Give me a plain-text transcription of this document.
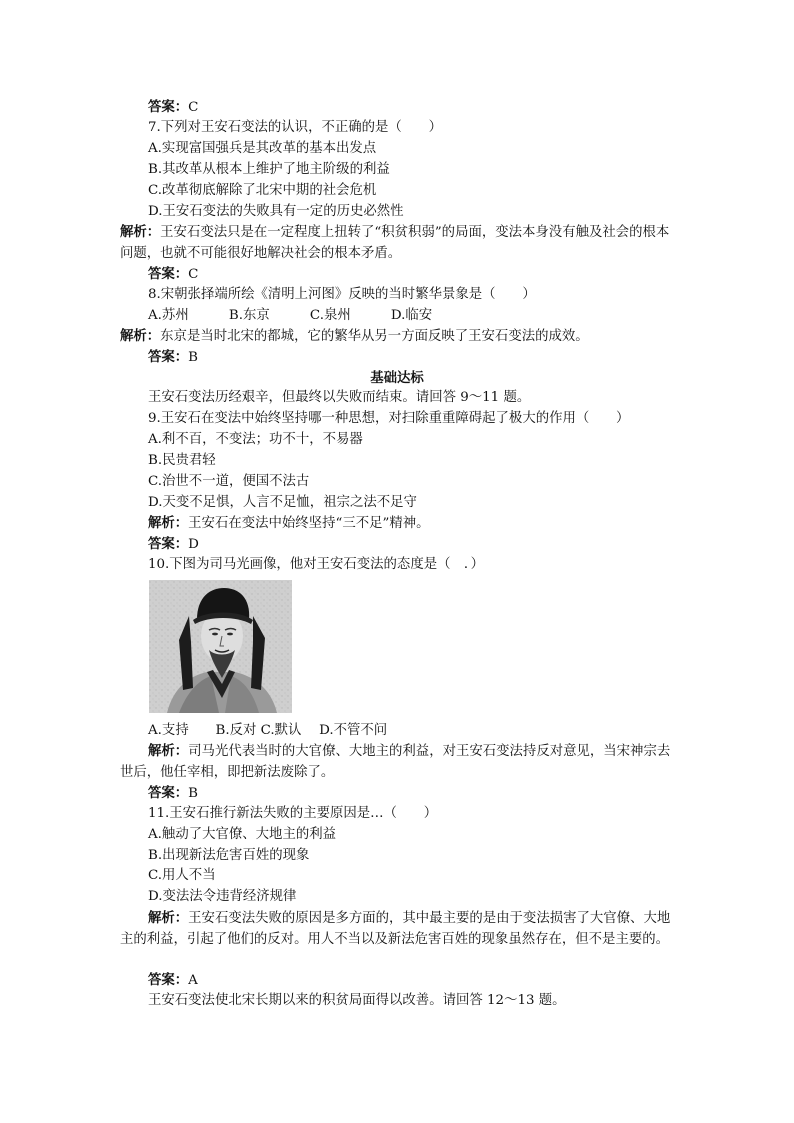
答案：C
7.下列对王安石变法的认识，不正确的是（　　）
A.实现富国强兵是其改革的基本出发点
B.其改革从根本上维护了地主阶级的利益
C.改革彻底解除了北宋中期的社会危机
D.王安石变法的失败具有一定的历史必然性
解析：王安石变法只是在一定程度上扭转了“积贫积弱”的局面，变法本身没有触及社会的根本问题，也就不可能很好地解决社会的根本矛盾。
答案：C
8.宋朝张择端所绘《清明上河图》反映的当时繁华景象是（　　）
A.苏州　　　B.东京　　　C.泉州　　　D.临安
解析：东京是当时北宋的都城，它的繁华从另一方面反映了王安石变法的成效。
答案：B
基础达标
王安石变法历经艰辛，但最终以失败而结束。请回答 9～11 题。
9.王安石在变法中始终坚持哪一种思想，对扫除重重障碍起了极大的作用（　　）
A.利不百，不变法；功不十，不易器
B.民贵君轻
C.治世不一道，便国不法古
D.天变不足惧，人言不足恤，祖宗之法不足守
解析：王安石在变法中始终坚持“三不足”精神。
答案：D
10.下图为司马光画像，他对王安石变法的态度是（　．）
A.支持　　B.反对 C.默认　 D.不管不问
解析：司马光代表当时的大官僚、大地主的利益，对王安石变法持反对意见，当宋神宗去世后，他任宰相，即把新法废除了。
答案：B
11.王安石推行新法失败的主要原因是…（　　）
A.触动了大官僚、大地主的利益
B.出现新法危害百姓的现象
C.用人不当
D.变法法令违背经济规律
解析：王安石变法失败的原因是多方面的，其中最主要的是由于变法损害了大官僚、大地主的利益，引起了他们的反对。用人不当以及新法危害百姓的现象虽然存在，但不是主要的。
答案：A
王安石变法使北宋长期以来的积贫局面得以改善。请回答 12～13 题。
